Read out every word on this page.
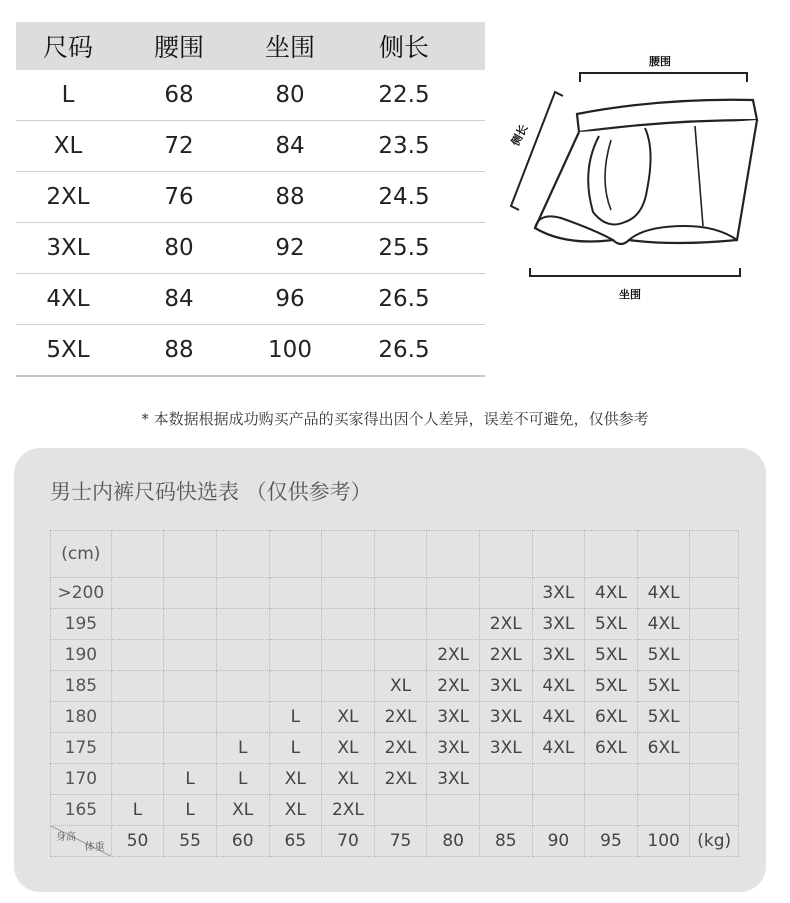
尺码	腰围	坐围	侧长
L	68	80	22.5
XL	72	84	23.5
2XL	76	88	24.5
3XL	80	92	25.5
4XL	84	96	26.5
5XL	88	100	26.5
腰围
坐围
侧长
* 本数据根据成功购买产品的买家得出因个人差异，误差不可避免，仅供参考
男士内裤尺码快选表 （仅供参考）
(cm)												
>200									3XL	4XL	4XL	
195								2XL	3XL	5XL	4XL	
190							2XL	2XL	3XL	5XL	5XL	
185						XL	2XL	3XL	4XL	5XL	5XL	
180				L	XL	2XL	3XL	3XL	4XL	6XL	5XL	
175			L	L	XL	2XL	3XL	3XL	4XL	6XL	6XL	
170		L	L	XL	XL	2XL	3XL					
165	L	L	XL	XL	2XL							

身高
体重	50	55	60	65	70	75	80	85	90	95	100	(kg)
